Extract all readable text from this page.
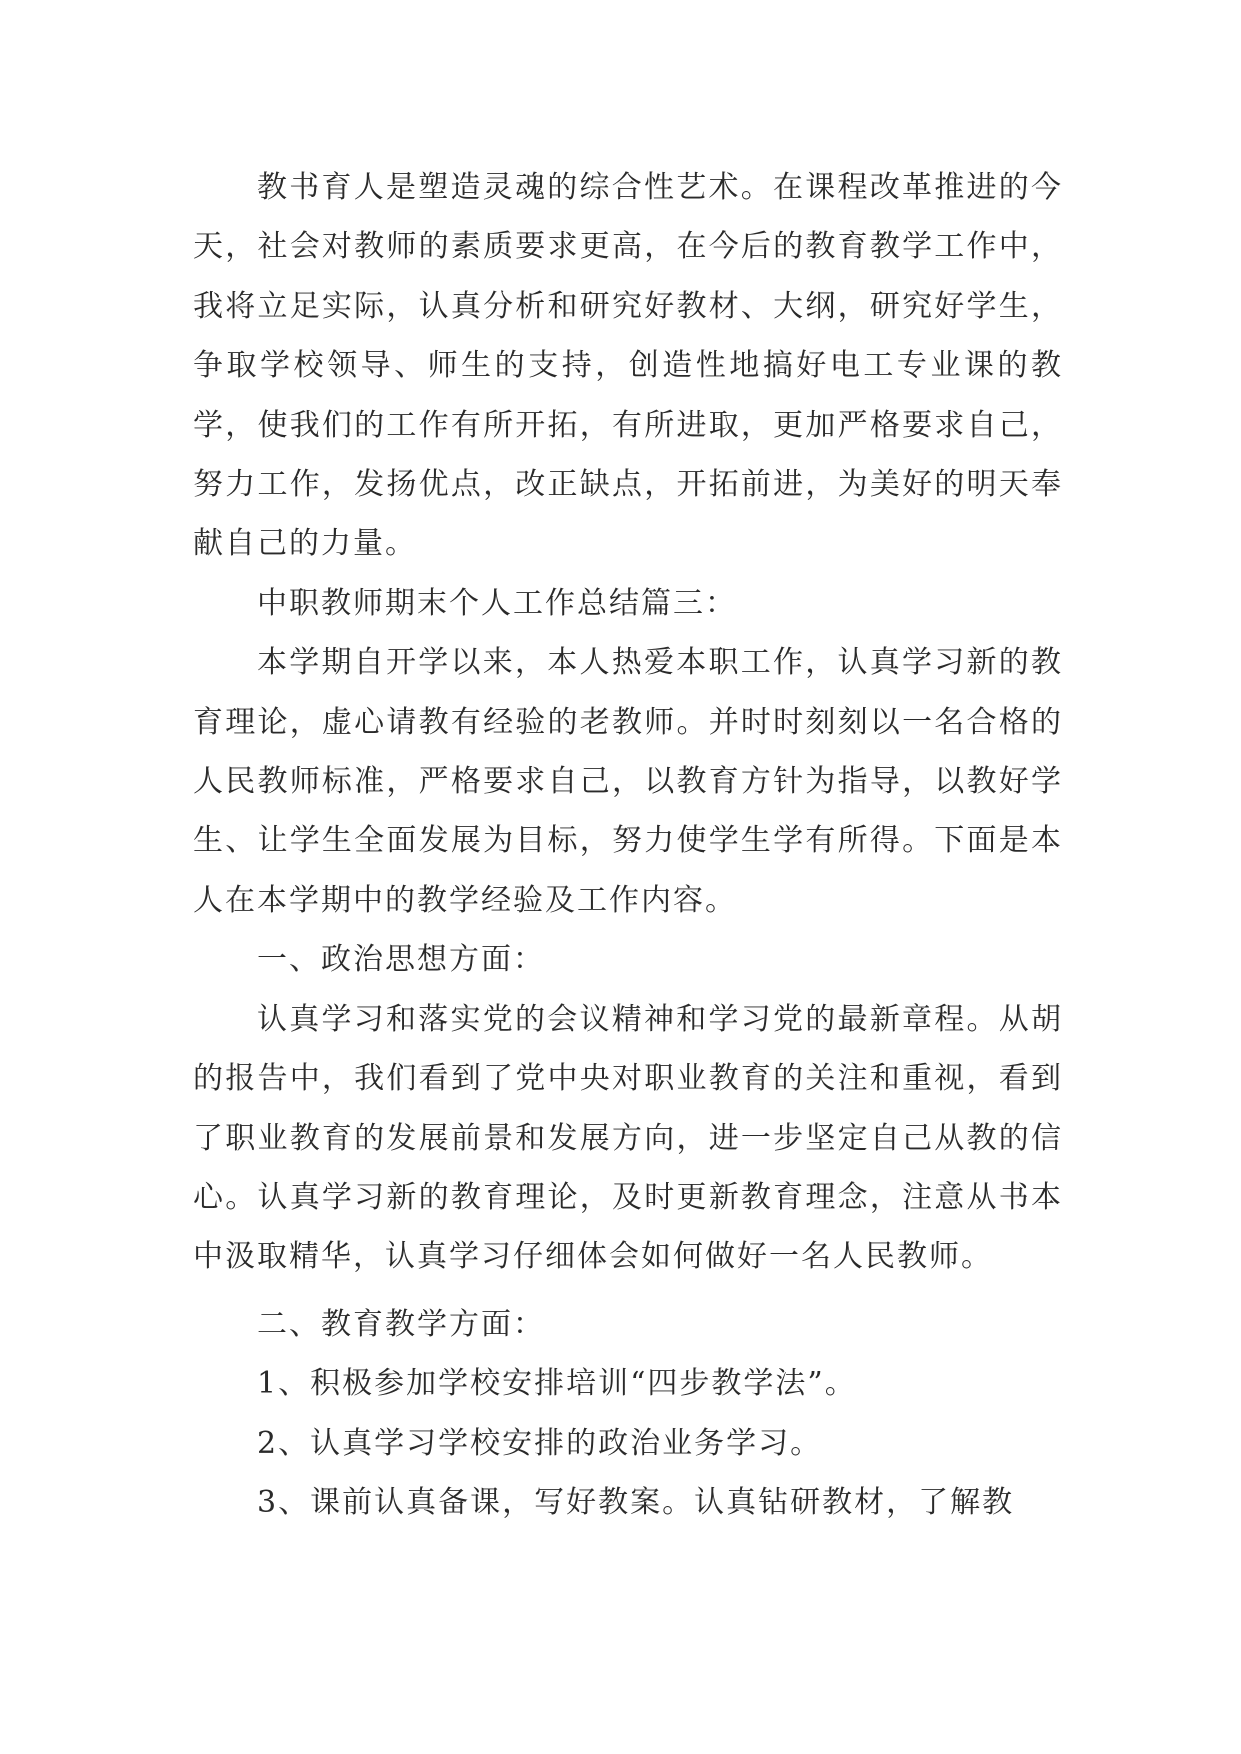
教书育人是塑造灵魂的综合性艺术。在课程改革推进的今天，社会对教师的素质要求更高，在今后的教育教学工作中，我将立足实际，认真分析和研究好教材、大纲，研究好学生，争取学校领导、师生的支持，创造性地搞好电工专业课的教学，使我们的工作有所开拓，有所进取，更加严格要求自己，努力工作，发扬优点，改正缺点，开拓前进，为美好的明天奉献自己的力量。

中职教师期末个人工作总结篇三：

本学期自开学以来，本人热爱本职工作，认真学习新的教育理论，虚心请教有经验的老教师。并时时刻刻以一名合格的人民教师标准，严格要求自己，以教育方针为指导，以教好学生、让学生全面发展为目标，努力使学生学有所得。下面是本人在本学期中的教学经验及工作内容。

一、政治思想方面：

认真学习和落实党的会议精神和学习党的最新章程。从胡的报告中，我们看到了党中央对职业教育的关注和重视，看到了职业教育的发展前景和发展方向，进一步坚定自己从教的信心。认真学习新的教育理论，及时更新教育理念，注意从书本中汲取精华，认真学习仔细体会如何做好一名人民教师。

二、教育教学方面：

1、积极参加学校安排培训“四步教学法”。

2、认真学习学校安排的政治业务学习。

3、课前认真备课，写好教案。认真钻研教材，了解教
